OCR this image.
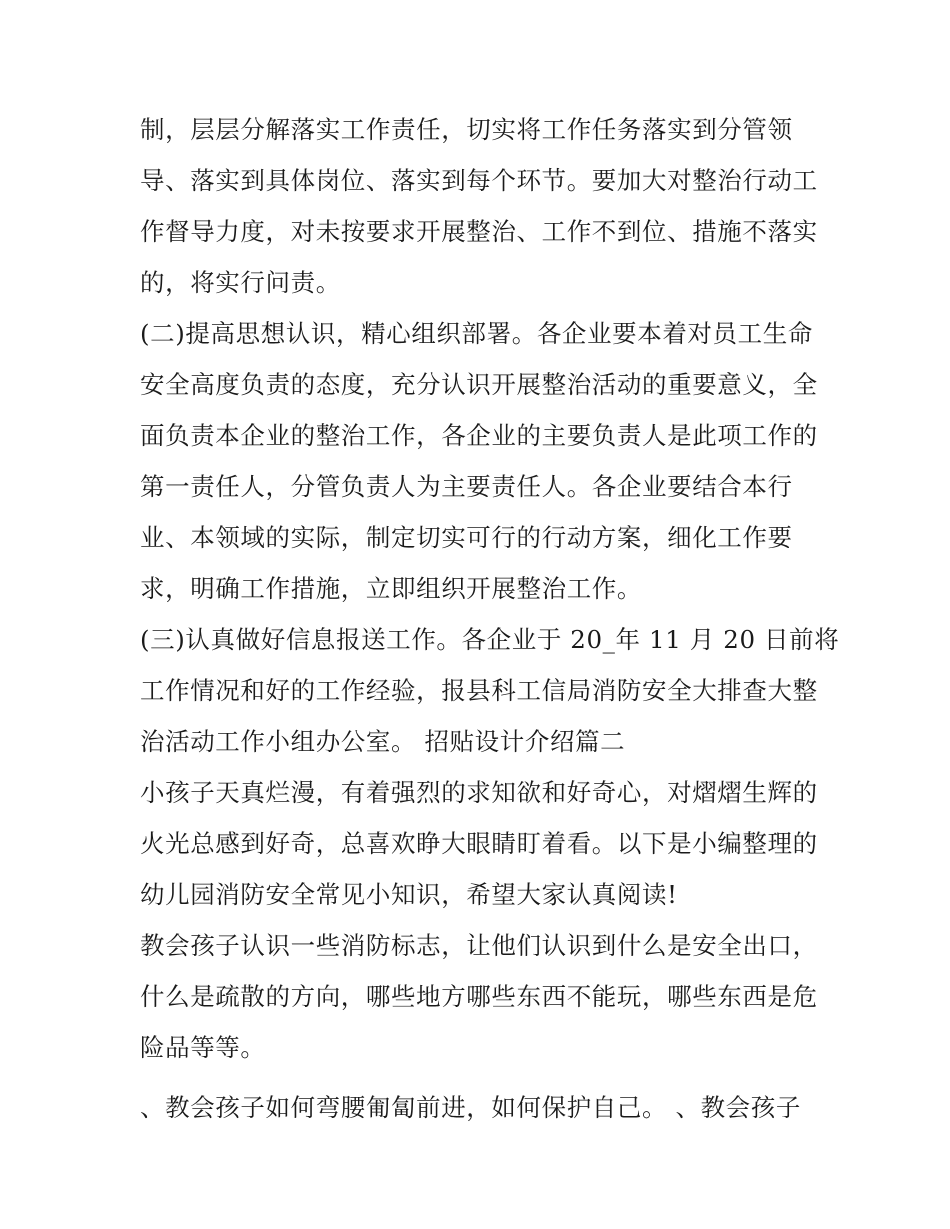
制，层层分解落实工作责任，切实将工作任务落实到分管领
导、落实到具体岗位、落实到每个环节。要加大对整治行动工
作督导力度，对未按要求开展整治、工作不到位、措施不落实
的，将实行问责。
(二)提高思想认识，精心组织部署。各企业要本着对员工生命
安全高度负责的态度，充分认识开展整治活动的重要意义，全
面负责本企业的整治工作，各企业的主要负责人是此项工作的
第一责任人，分管负责人为主要责任人。各企业要结合本行
业、本领域的实际，制定切实可行的行动方案，细化工作要
求，明确工作措施，立即组织开展整治工作。
(三)认真做好信息报送工作。各企业于 20_年 11 月 20 日前将
工作情况和好的工作经验，报县科工信局消防安全大排查大整
治活动工作小组办公室。 招贴设计介绍篇二
小孩子天真烂漫，有着强烈的求知欲和好奇心，对熠熠生辉的
火光总感到好奇，总喜欢睁大眼睛盯着看。以下是小编整理的
幼儿园消防安全常见小知识，希望大家认真阅读!
教会孩子认识一些消防标志，让他们认识到什么是安全出口，
什么是疏散的方向，哪些地方哪些东西不能玩，哪些东西是危
险品等等。
、教会孩子如何弯腰匍匐前进，如何保护自己。 、教会孩子
